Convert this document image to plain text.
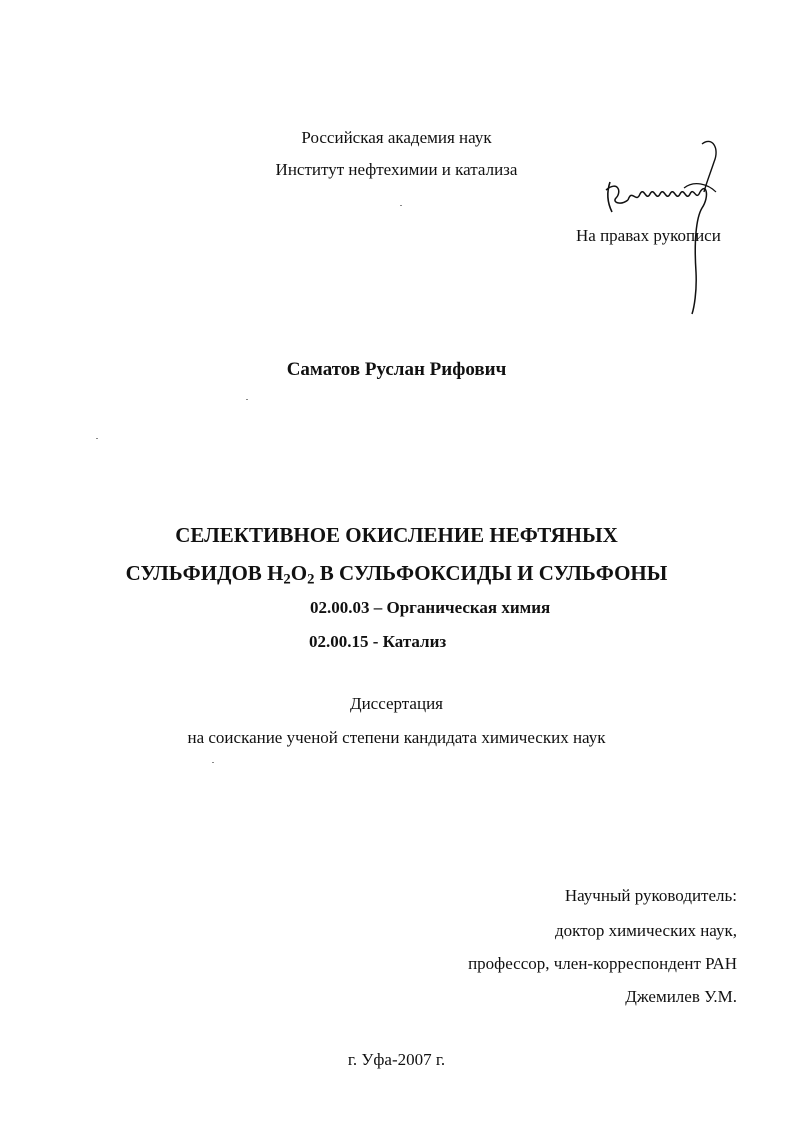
Российская академия наук
Институт нефтехимии и катализа
На правах рукописи
Саматов Руслан Рифович
СЕЛЕКТИВНОЕ ОКИСЛЕНИЕ НЕФТЯНЫХ
СУЛЬФИДОВ $Н_2О_2$ В СУЛЬФОКСИДЫ И СУЛЬФОНЫ
02.00.03 – Органическая химия
02.00.15 - Катализ
Диссертация
на соискание ученой степени кандидата химических наук
Научный руководитель:
доктор химических наук,
профессор, член-корреспондент РАН
Джемилев У.М.
г. Уфа-2007 г.
